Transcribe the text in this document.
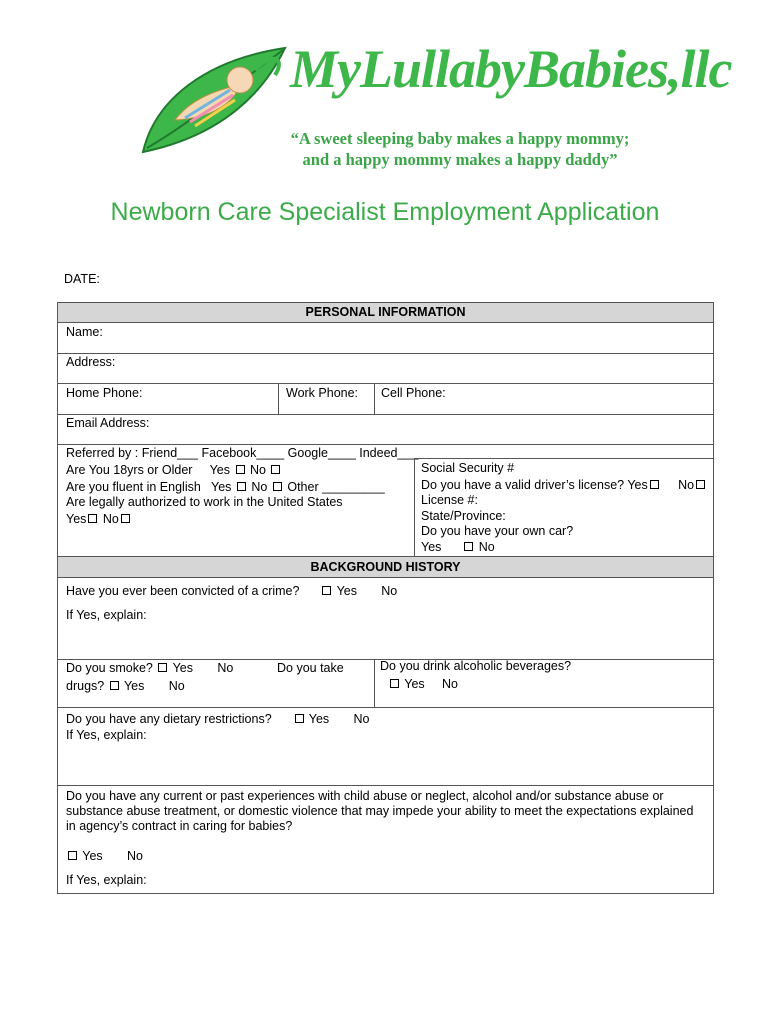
MyLullabyBabies,llc
“A sweet sleeping baby makes a happy mommy;
and a happy mommy makes a happy daddy”
Newborn Care Specialist Employment Application
DATE:
PERSONAL INFORMATION
Name:
Address:
Home Phone:	Work Phone: Cell Phone:
Email Address:
Referred by : Friend___ Facebook____ Google____ Indeed___
Are You 18yrs or Older Yes No
Are you fluent in English Yes No Other _________
Are legally authorized to work in the United States
Yes No
Social Security #
Do you have a valid driver’s license? Yes No
License #:
State/Province:
Do you have your own car?
Yes	No
BACKGROUND HISTORY
Have you ever been convicted of a crime?	Yes No
If Yes, explain:
Do you smoke? Yes No	Do you take
drugs? Yes No
Do you drink alcoholic beverages?
Yes No
Do you have any dietary restrictions?	Yes No
If Yes, explain:
Do you have any current or past experiences with child abuse or neglect, alcohol and/or substance abuse or substance abuse treatment, or domestic violence that may impede your ability to meet the expectations explained in agency’s contract in caring for babies?
Yes No
If Yes, explain:
